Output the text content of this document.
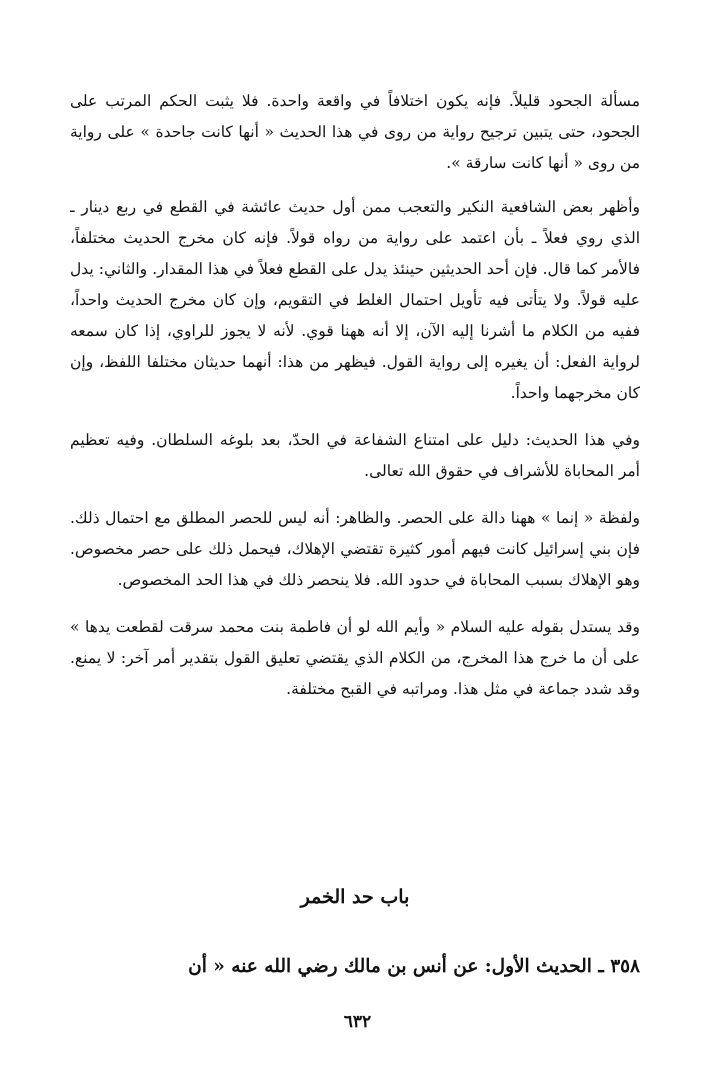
مسألة الجحود قليلاً. فإنه يكون اختلافاً في واقعة واحدة. فلا يثبت الحكم المرتب على الجحود، حتى يتبين ترجيح رواية من روى في هذا الحديث « أنها كانت جاحدة » على رواية من روى « أنها كانت سارقة ».

وأظهر بعض الشافعية النكير والتعجب ممن أول حديث عائشة في القطع في ربع دينار ـ الذي روي فعلاً ـ بأن اعتمد على رواية من رواه قولاً. فإنه كان مخرج الحديث مختلفاً، فالأمر كما قال. فإن أحد الحديثين حينئذ يدل على القطع فعلاً في هذا المقدار. والثاني: يدل عليه قولاً. ولا يتأتى فيه تأويل احتمال الغلط في التقويم، وإن كان مخرج الحديث واحداً، ففيه من الكلام ما أشرنا إليه الآن، إلا أنه ههنا قوي. لأنه لا يجوز للراوي، إذا كان سمعه لرواية الفعل: أن يغيره إلى رواية القول. فيظهر من هذا: أنهما حديثان مختلفا اللفظ، وإن كان مخرجهما واحداً.

وفي هذا الحديث: دليل على امتناع الشفاعة في الحدّ، بعد بلوغه السلطان. وفيه تعظيم أمر المحاباة للأشراف في حقوق الله تعالى.

ولفظة « إنما » ههنا دالة على الحصر. والظاهر: أنه ليس للحصر المطلق مع احتمال ذلك. فإن بني إسرائيل كانت فيهم أمور كثيرة تقتضي الإهلاك، فيحمل ذلك على حصر مخصوص. وهو الإهلاك بسبب المحاباة في حدود الله. فلا ينحصر ذلك في هذا الحد المخصوص.

وقد يستدل بقوله عليه السلام « وأيم الله لو أن فاطمة بنت محمد سرقت لقطعت يدها » على أن ما خرج هذا المخرج، من الكلام الذي يقتضي تعليق القول بتقدير أمر آخر: لا يمنع. وقد شدد جماعة في مثل هذا. ومراتبه في القبح مختلفة.

باب حد الخمر
٣٥٨ ـ الحديث الأول: عن أنس بن مالك رضي الله عنه « أن
٦٣٢
